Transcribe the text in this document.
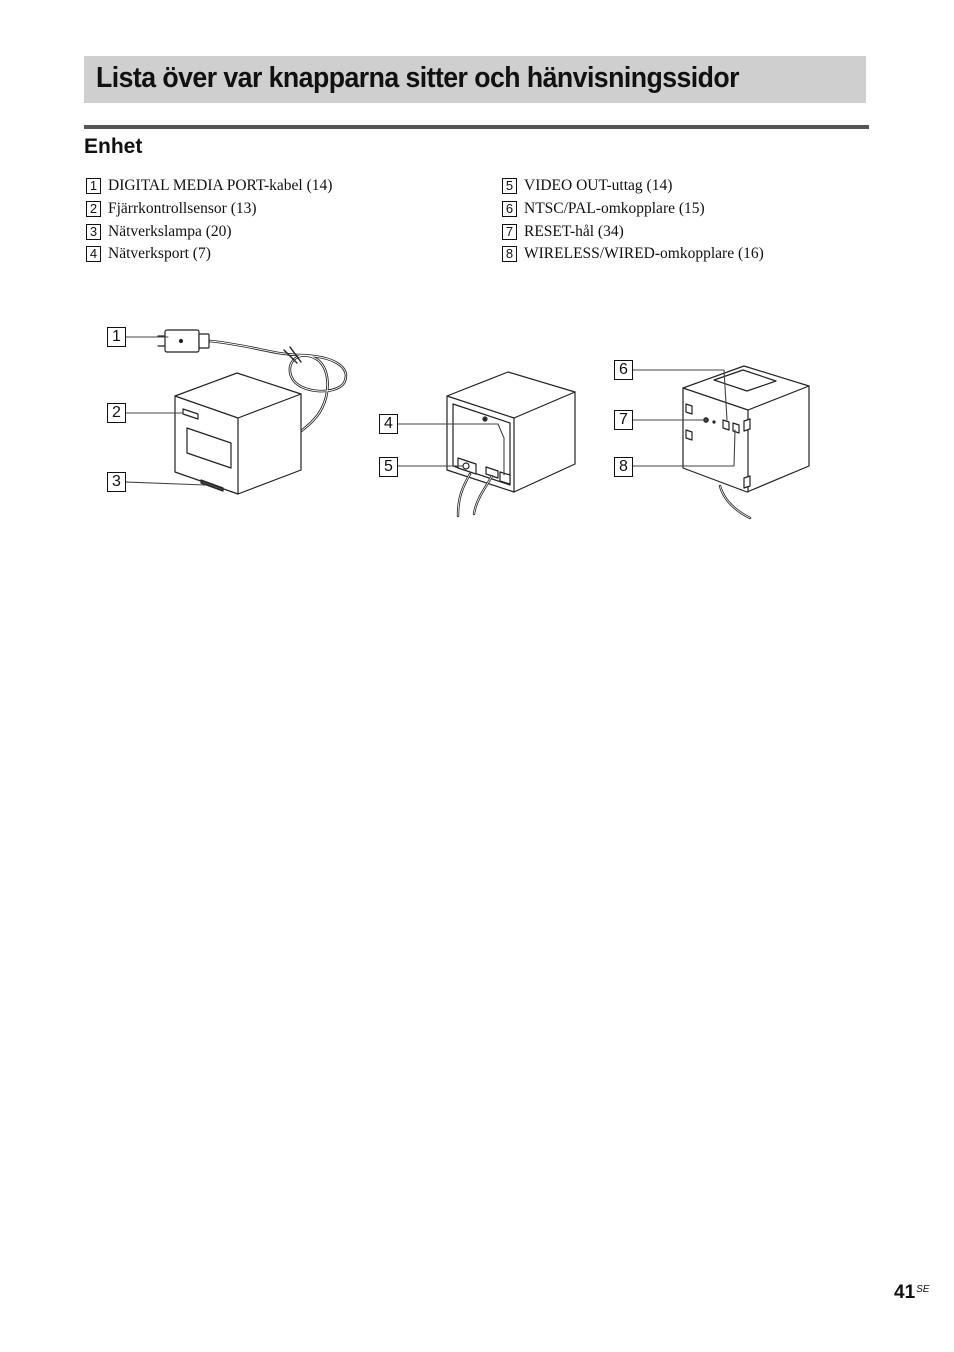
Lista över var knapparna sitter och hänvisningssidor
Enhet
1 DIGITAL MEDIA PORT-kabel (14)
2 Fjärrkontrollsensor (13)
3 Nätverkslampa (20)
4 Nätverksport (7)
5 VIDEO OUT-uttag (14)
6 NTSC/PAL-omkopplare (15)
7 RESET-hål (34)
8 WIRELESS/WIRED-omkopplare (16)
1
2
3
4
5
6
7
8
$41^{SE}$
